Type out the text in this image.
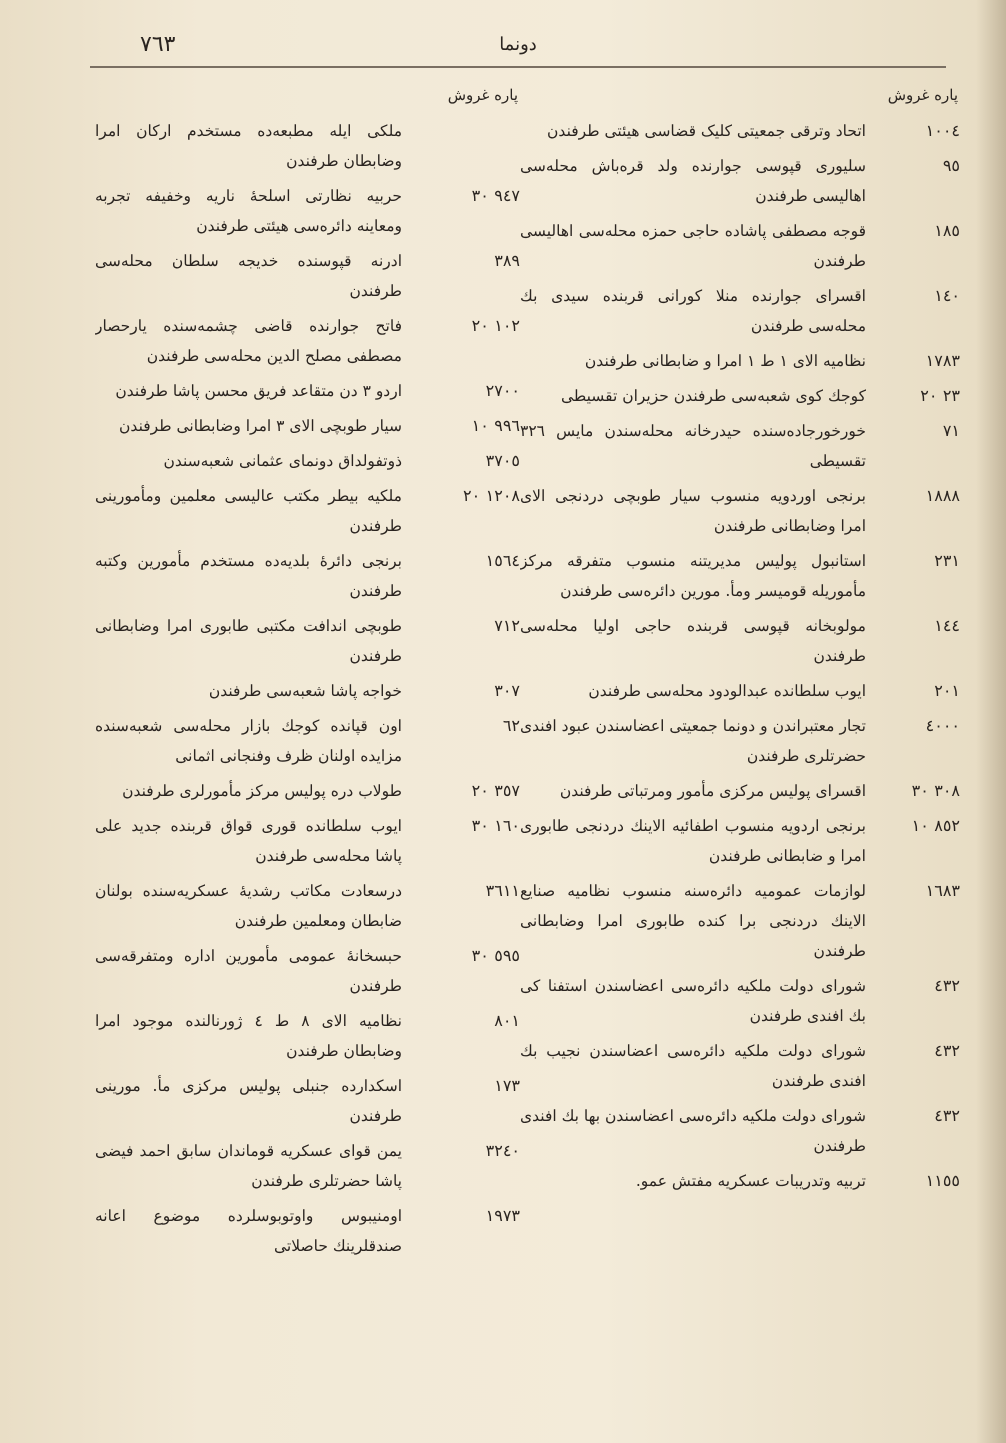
٧٦٣	دونما
پاره غروش
١٠٠٤
اتحاد وترقی جمعیتی کلیک قضاسی هیئتی طرفندن
٩٥
سلیوری قپوسی جوارنده ولد قره‌باش محله‌سی اهالیسی طرفندن
١٨٥
قوجه مصطفی پاشاده حاجی حمزه محله‌سی اهالیسی طرفندن
١٤٠
اقسرای جوارنده منلا کورانی قربنده سیدی بك محله‌سی طرفندن
١٧٨٣
نظامیه الای ۱ ط ۱ امرا و ضابطانی طرفندن
٢٣
٢٠
کوجك کوی شعبه‌سی طرفندن حزیران تقسیطی
٧١
خورخورجاده‌سنده حیدرخانه محله‌سندن مایس ٣٢٦ تقسیطی
١٨٨٨
برنجی اوردویه منسوب سیار طوبچی دردنجی الای امرا وضابطانی طرفندن
٢٣١
استانبول پولیس مدیریتنه منسوب متفرقه مرکز مأموریله قومیسر ومأ. مورین دائره‌سی طرفندن
١٤٤
مولوبخانه قپوسی قربنده حاجی اولیا محله‌سی طرفندن
٢٠١
ایوب سلطانده عبدالودود محله‌سی طرفندن
٤٠٠٠
تجار معتبراندن و دونما جمعیتی اعضاسندن عبود افندی حضرتلری طرفندن
٣٠٨
٣٠
اقسرای پولیس مرکزی مأمور ومرتباتی طرفندن
٨٥٢
١٠
برنجی اردویه منسوب اطفائیه الاینك دردنجی طابوری امرا و ضابطانی طرفندن
١٦٨٣
لوازمات عمومیه دائره‌سنه منسوب نظامیه صنایع الاینك دردنجی برا کنده طابوری امرا وضابطانی طرفندن
٤٣٢
شورای دولت ملکیه دائره‌سی اعضاسندن استفنا کی بك افندی طرفندن
٤٣٢
شورای دولت ملکیه دائره‌سی اعضاسندن نجیب بك افندی طرفندن
٤٣٢
شورای دولت ملکیه دائره‌سی اعضاسندن بها بك افندی طرفندن
١١٥٥
تربیه وتدریبات عسکریه مفتش عمو.
پاره غروش
ملکی ایله مطبعه‌ده مستخدم ارکان امرا وضابطان طرفندن
٩٤٧
٣٠
حربیه نظارتی اسلحهٔ ناریه وخفیفه تجربه ومعاینه دائره‌سی هیئتی طرفندن
٣٨٩
ادرنه قپوسنده خدیجه سلطان محله‌سی طرفندن
١٠٢
٢٠
فاتح جوارنده قاضی چشمه‌سنده یارحصار مصطفی مصلح الدین محله‌سی طرفندن
٢٧٠٠
اردو ٣ دن متقاعد فریق محسن پاشا طرفندن
٩٩٦
١٠
سیار طوبچی الای ٣ امرا وضابطانی طرفندن
٣٧٠٥
ذوتفولداق دونمای عثمانی شعبه‌سندن
١٢٠٨
٢٠
ملکیه بیطر مکتب عالیسی معلمین ومأمورینی طرفندن
١٥٦٤
برنجی دائرهٔ بلدیه‌ده مستخدم مأمورین وکتبه طرفندن
٧١٢
طوبچی اندافت مکتبی طابوری امرا وضابطانی طرفندن
٣٠٧
خواجه پاشا شعبه‌سی طرفندن
٦٢
اون قپانده کوجك بازار محله‌سی شعبه‌سنده مزایده اولنان ظرف وفنجانی اثمانی
٣٥٧
٢٠
طولاب دره پولیس مرکز مأمورلری طرفندن
١٦٠
٣٠
ایوب سلطانده قوری قواق قربنده جدید علی پاشا محله‌سی طرفندن
٣٦١١
درسعادت مکاتب رشدیهٔ عسکریه‌سنده بولنان ضابطان ومعلمین طرفندن
٥٩٥
٣٠
حبسخانهٔ عمومی مأمورین اداره ومتفرقه‌سی طرفندن
٨٠١
نظامیه الای ٨ ط ٤ ژورنالنده موجود امرا وضابطان طرفندن
١٧٣
اسکدارده جنبلی پولیس مرکزی مأ. مورینی طرفندن
٣٢٤٠
یمن قوای عسکریه قوماندان سابق احمد فیضی پاشا حضرتلری طرفندن
١٩٧٣
اومنیبوس واوتوبوسلرده موضوع اعانه صندقلرینك حاصلاتی
